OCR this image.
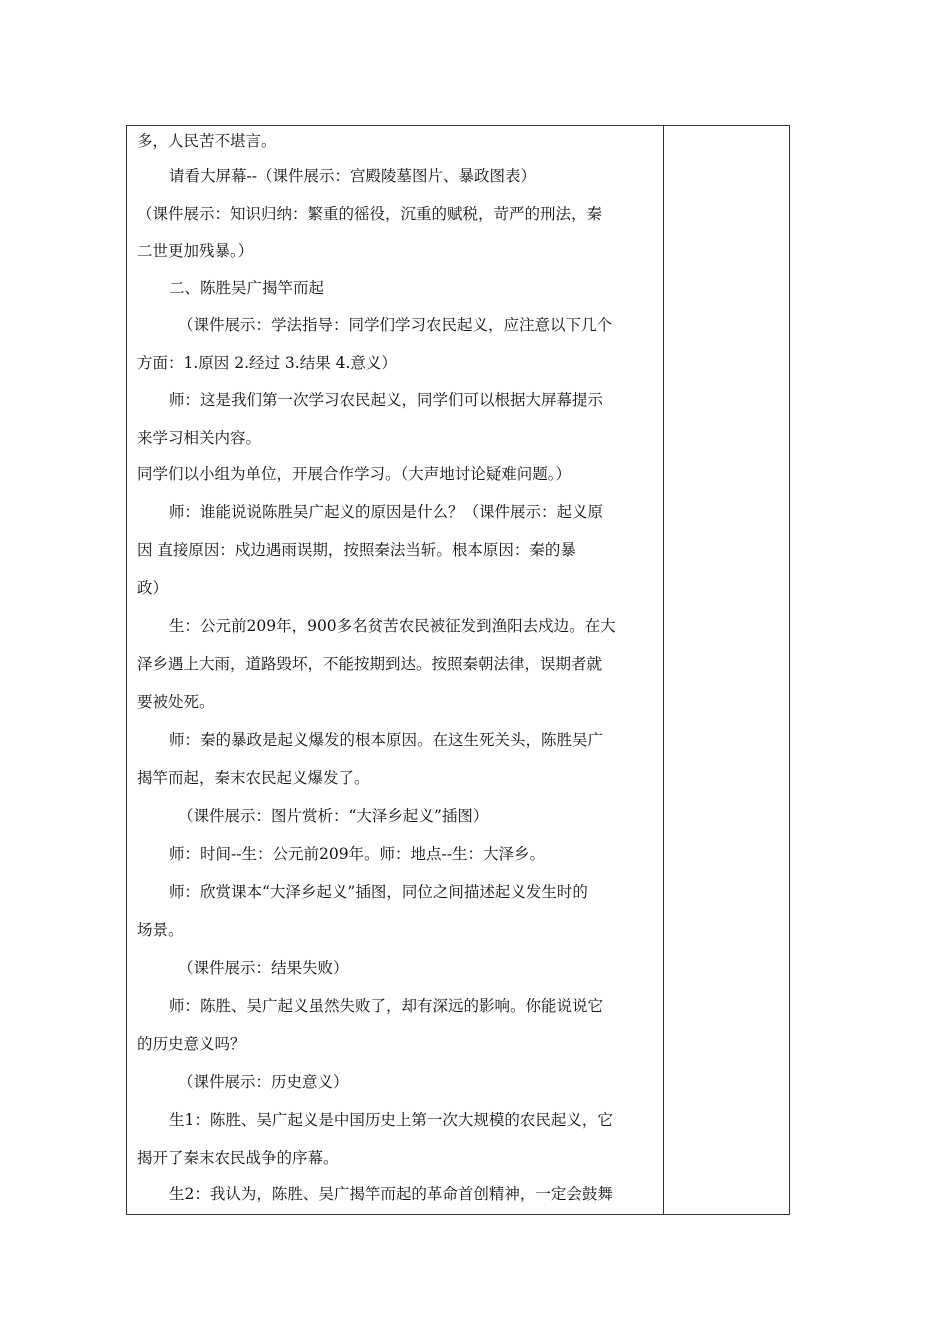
多，人民苦不堪言。
请看大屏幕--（课件展示：宫殿陵墓图片、暴政图表）
（课件展示：知识归纳：繁重的徭役，沉重的赋税，苛严的刑法，秦
二世更加残暴。）
二、陈胜吴广揭竿而起
（课件展示：学法指导：同学们学习农民起义，应注意以下几个
方面：1.原因 2.经过 3.结果 4.意义）
师：这是我们第一次学习农民起义，同学们可以根据大屏幕提示
来学习相关内容。
同学们以小组为单位，开展合作学习。（大声地讨论疑难问题。）
师：谁能说说陈胜吴广起义的原因是什么？（课件展示：起义原
因 直接原因：戍边遇雨误期，按照秦法当斩。根本原因：秦的暴
政）
生：公元前209年，900多名贫苦农民被征发到渔阳去戍边。在大
泽乡遇上大雨，道路毁坏，不能按期到达。按照秦朝法律，误期者就
要被处死。
师：秦的暴政是起义爆发的根本原因。在这生死关头，陈胜吴广
揭竿而起，秦末农民起义爆发了。
（课件展示：图片赏析：“大泽乡起义”插图）
师：时间--生：公元前209年。师：地点--生：大泽乡。
师：欣赏课本“大泽乡起义”插图，同位之间描述起义发生时的
场景。
（课件展示：结果失败）
师：陈胜、吴广起义虽然失败了，却有深远的影响。你能说说它
的历史意义吗？
（课件展示：历史意义）
生1：陈胜、吴广起义是中国历史上第一次大规模的农民起义，它
揭开了秦末农民战争的序幕。
生2：我认为，陈胜、吴广揭竿而起的革命首创精神，一定会鼓舞
